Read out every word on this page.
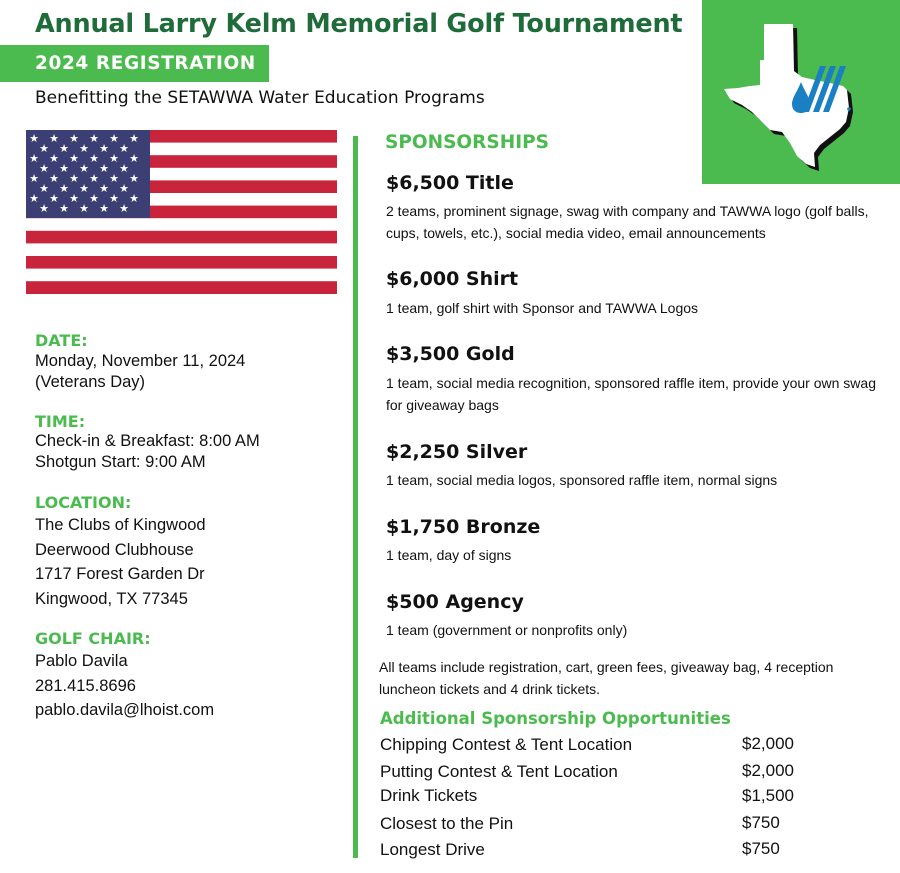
Annual Larry Kelm Memorial Golf Tournament
2024 REGISTRATION
Benefitting the SETAWWA Water Education Programs
★ ★ ★ ★ ★ ★
★ ★ ★ ★ ★
★ ★ ★ ★ ★ ★
★ ★ ★ ★ ★
★ ★ ★ ★ ★ ★
★ ★ ★ ★ ★
★ ★ ★ ★ ★ ★
★ ★ ★ ★ ★
DATE:
Monday, November 11, 2024
(Veterans Day)
TIME:
Check-in & Breakfast: 8:00 AM
Shotgun Start: 9:00 AM
LOCATION:
The Clubs of Kingwood
Deerwood Clubhouse
1717 Forest Garden Dr
Kingwood, TX 77345
GOLF CHAIR:
Pablo Davila
281.415.8696
pablo.davila@lhoist.com
SPONSORSHIPS
$6,500 Title
2 teams, prominent signage, swag with company and TAWWA logo (golf balls, cups, towels, etc.), social media video, email announcements
$6,000 Shirt
1 team, golf shirt with Sponsor and TAWWA Logos
$3,500 Gold
1 team, social media recognition, sponsored raffle item, provide your own swag for giveaway bags
$2,250 Silver
1 team, social media logos, sponsored raffle item, normal signs
$1,750 Bronze
1 team, day of signs
$500 Agency
1 team (government or nonprofits only)
All teams include registration, cart, green fees, giveaway bag, 4 reception luncheon tickets and 4 drink tickets.
Additional Sponsorship Opportunities
Chipping Contest & Tent Location	$2,000
Putting Contest & Tent Location	$2,000
Drink Tickets	$1,500
Closest to the Pin	$750
Longest Drive	$750
